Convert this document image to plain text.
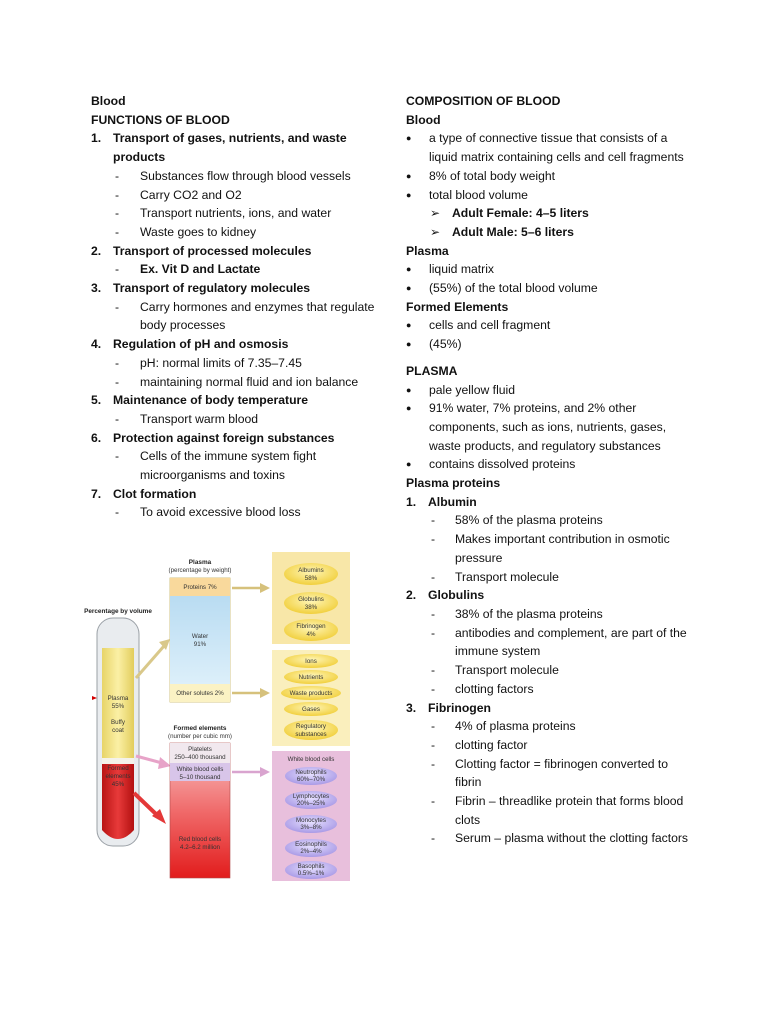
Blood
FUNCTIONS OF BLOOD
1. Transport of gases, nutrients, and waste products
-	Substances flow through blood vessels
-	Carry CO2 and O2
-	Transport nutrients, ions, and water
-	Waste goes to kidney
2. Transport of processed molecules
-	Ex. Vit D and Lactate
3. Transport of regulatory molecules
-	Carry hormones and enzymes that regulate body processes
4. Regulation of pH and osmosis
-	pH: normal limits of 7.35–7.45
-	maintaining normal fluid and ion balance
5. Maintenance of body temperature
-	Transport warm blood
6. Protection against foreign substances
-	Cells of the immune system fight microorganisms and toxins
7. Clot formation
-	To avoid excessive blood loss
COMPOSITION OF BLOOD
Blood
●	a type of connective tissue that consists of a liquid matrix containing cells and cell fragments
●	8% of total body weight
●	total blood volume
➢ Adult Female: 4–5 liters
➢ Adult Male: 5–6 liters
Plasma
●	liquid matrix
●	(55%) of the total blood volume
Formed Elements
●	cells and cell fragment
●	(45%)
PLASMA
●	pale yellow fluid
●	91% water, 7% proteins, and 2% other components, such as ions, nutrients, gases, waste products, and regulatory substances
●	contains dissolved proteins
Plasma proteins
1. Albumin
-	58% of the plasma proteins
-	Makes important contribution in osmotic pressure
-	Transport molecule
2. Globulins
-	38% of the plasma proteins
-	antibodies and complement, are part of the immune system
-	Transport molecule
-	clotting factors
3. Fibrinogen
-	4% of plasma proteins
-	clotting factor
-	Clotting factor = fibrinogen converted to fibrin
-	Fibrin – threadlike protein that forms blood clots
-	Serum – plasma without the clotting factors
Percentage by volume
Plasma
55%
Buffy
coat
Formed
elements
45%
Plasma
(percentage by weight)
Proteins 7%
Water
91%
Other solutes 2%
Albumins
58%
Globulins
38%
Fibrinogen
4%
Ions
Nutrients
Waste products
Gases
Regulatory
substances
Formed elements
(number per cubic mm)
Platelets
250–400 thousand
White blood cells
5–10 thousand
Red blood cells
4.2–6.2 million
White blood cells
Neutrophils
60%–70%
Lymphocytes
20%–25%
Monocytes
3%–8%
Eosinophils
2%–4%
Basophils
0.5%–1%
